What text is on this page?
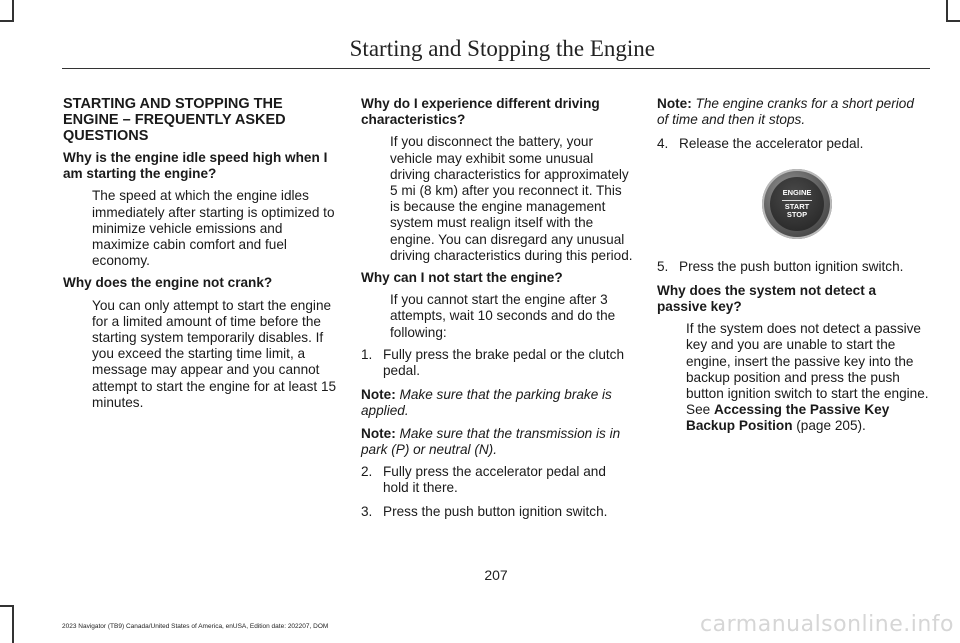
Starting and Stopping the Engine

STARTING AND STOPPING THE ENGINE – FREQUENTLY ASKED QUESTIONS

Why is the engine idle speed high when I am starting the engine?

The speed at which the engine idles immediately after starting is optimized to minimize vehicle emissions and maximize cabin comfort and fuel economy.

Why does the engine not crank?

You can only attempt to start the engine for a limited amount of time before the starting system temporarily disables. If you exceed the starting time limit, a message may appear and you cannot attempt to start the engine for at least 15 minutes.

Why do I experience different driving characteristics?

If you disconnect the battery, your vehicle may exhibit some unusual driving characteristics for approximately 5 mi (8 km) after you reconnect it. This is because the engine management system must realign itself with the engine. You can disregard any unusual driving characteristics during this period.

Why can I not start the engine?

If you cannot start the engine after 3 attempts, wait 10 seconds and do the following:

1. Fully press the brake pedal or the clutch pedal.

Note: Make sure that the parking brake is applied.

Note: Make sure that the transmission is in park (P) or neutral (N).

2. Fully press the accelerator pedal and hold it there.
3. Press the push button ignition switch.

Note: The engine cranks for a short period of time and then it stops.

4. Release the accelerator pedal.
ENGINE
START
STOP
5. Press the push button ignition switch.

Why does the system not detect a passive key?

If the system does not detect a passive key and you are unable to start the engine, insert the passive key into the backup position and press the push button ignition switch to start the engine. See Accessing the Passive Key Backup Position (page 205).

207
2023 Navigator (TB9) Canada/United States of America, enUSA, Edition date: 202207, DOM	carmanualsonline.info
